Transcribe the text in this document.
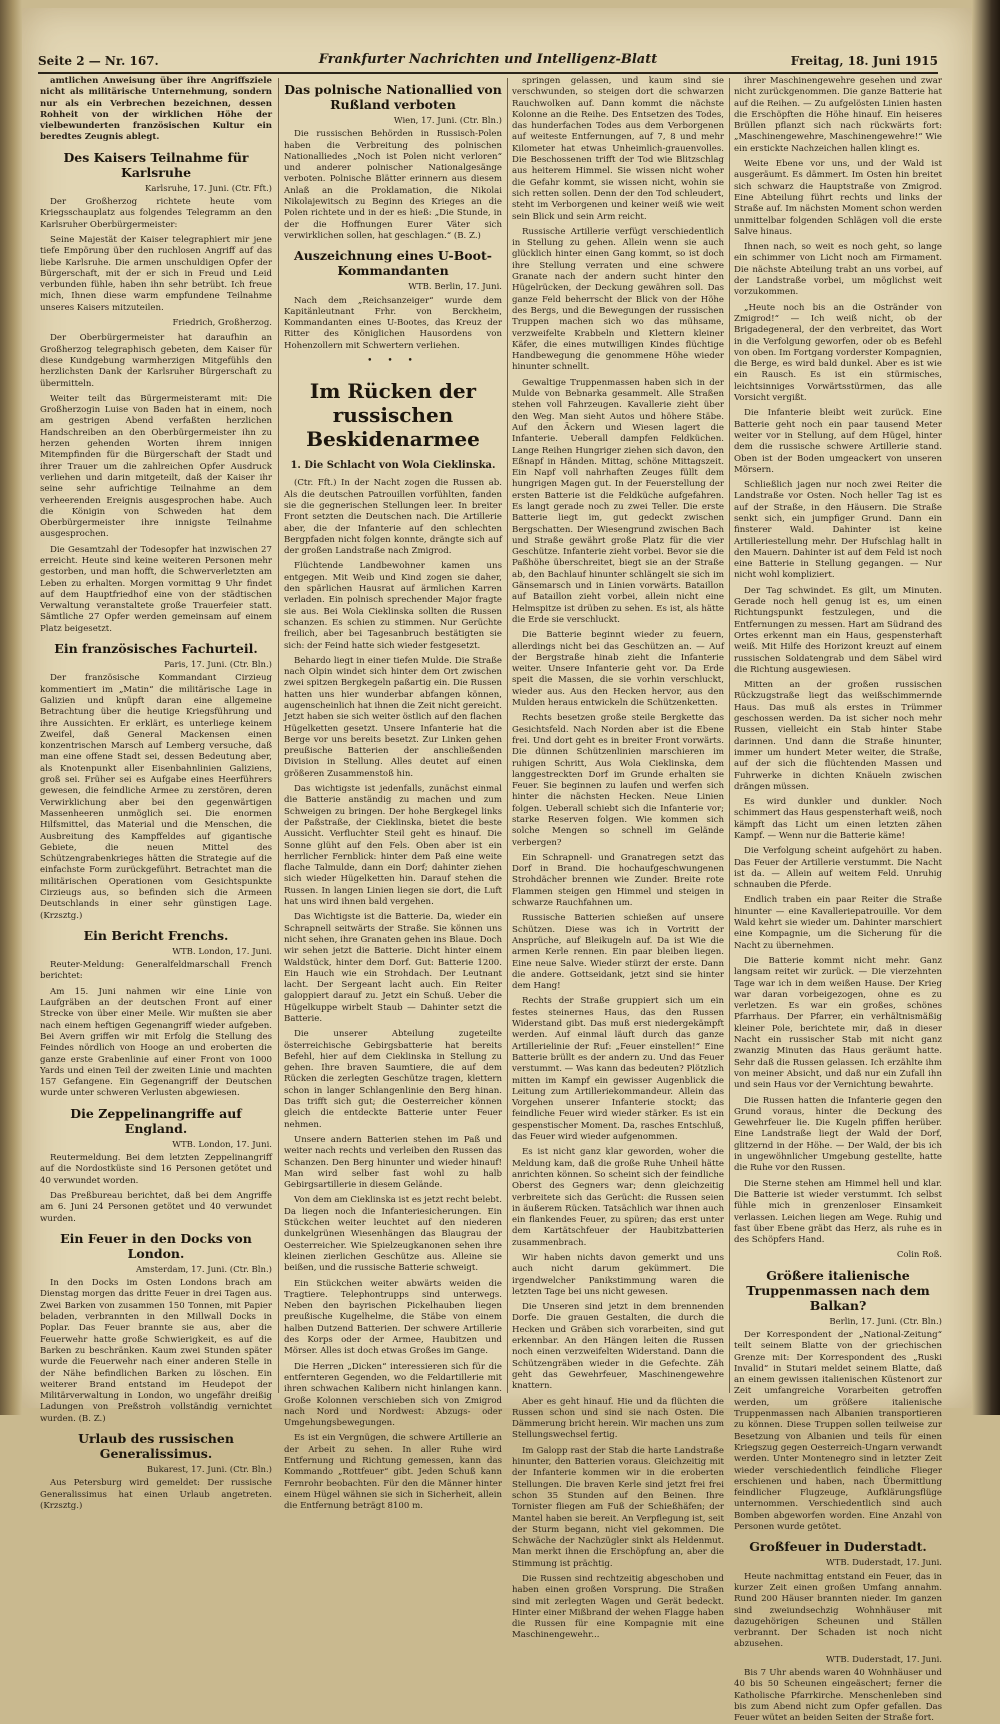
Seite 2 — Nr. 167.	Frankfurter Nachrichten und Intelligenz-Blatt	Freitag, 18. Juni 1915

amtlichen Anweisung über ihre Angriffsziele nicht als militärische Unternehmung, sondern nur als ein Verbrechen bezeichnen, dessen Rohheit von der wirklichen Höhe der vielbewunderten französischen Kultur ein beredtes Zeugnis ablegt.

Des Kaisers Teilnahme für Karlsruhe
Karlsruhe, 17. Juni. (Ctr. Fft.)

Der Großherzog richtete heute vom Kriegsschauplatz aus folgendes Telegramm an den Karlsruher Oberbürgermeister:

Seine Majestät der Kaiser telegraphiert mir jene tiefe Empörung über den ruchlosen Angriff auf das liebe Karlsruhe. Die armen unschuldigen Opfer der Bürgerschaft, mit der er sich in Freud und Leid verbunden fühle, haben ihn sehr betrübt. Ich freue mich, Ihnen diese warm empfundene Teilnahme unseres Kaisers mitzuteilen.

Friedrich, Großherzog.

Der Oberbürgermeister hat daraufhin an Großherzog telegraphisch gebeten, dem Kaiser für diese Kundgebung warmherzigen Mitgefühls den herzlichsten Dank der Karlsruher Bürgerschaft zu übermitteln.

Weiter teilt das Bürgermeisteramt mit: Die Großherzogin Luise von Baden hat in einem, noch am gestrigen Abend verfaßten herzlichen Handschreiben an den Oberbürgermeister ihn zu herzen gehenden Worten ihrem innigen Mitempfinden für die Bürgerschaft der Stadt und ihrer Trauer um die zahlreichen Opfer Ausdruck verliehen und darin mitgeteilt, daß der Kaiser ihr seine sehr aufrichtige Teilnahme an dem verheerenden Ereignis ausgesprochen habe. Auch die Königin von Schweden hat dem Oberbürgermeister ihre innigste Teilnahme ausgesprochen.

Die Gesamtzahl der Todesopfer hat inzwischen 27 erreicht. Heute sind keine weiteren Personen mehr gestorben, und man hofft, die Schwerverletzten am Leben zu erhalten. Morgen vormittag 9 Uhr findet auf dem Hauptfriedhof eine von der städtischen Verwaltung veranstaltete große Trauerfeier statt. Sämtliche 27 Opfer werden gemeinsam auf einem Platz beigesetzt.

Ein französisches Fachurteil.
Paris, 17. Juni. (Ctr. Bln.)

Der französische Kommandant Cirzieug kommentiert im „Matin“ die militärische Lage in Galizien und knüpft daran eine allgemeine Betrachtung über die heutige Kriegsführung und ihre Aussichten. Er erklärt, es unterliege keinem Zweifel, daß General Mackensen einen konzentrischen Marsch auf Lemberg versuche, daß man eine offene Stadt sei, dessen Bedeutung aber, als Knotenpunkt aller Eisenbahnlinien Galiziens, groß sei. Früher sei es Aufgabe eines Heerführers gewesen, die feindliche Armee zu zerstören, deren Verwirklichung aber bei den gegenwärtigen Massenheeren unmöglich sei. Die enormen Hilfsmittel, das Material und die Menschen, die Ausbreitung des Kampffeldes auf gigantische Gebiete, die neuen Mittel des Schützengrabenkrieges hätten die Strategie auf die einfachste Form zurückgeführt. Betrachtet man die militärischen Operationen vom Gesichtspunkte Cirzieugs aus, so befinden sich die Armeen Deutschlands in einer sehr günstigen Lage. (Krzsztg.)

Ein Bericht Frenchs.
WTB. London, 17. Juni.

Reuter-Meldung: Generalfeldmarschall French berichtet:

Am 15. Juni nahmen wir eine Linie von Laufgräben an der deutschen Front auf einer Strecke von über einer Meile. Wir mußten sie aber nach einem heftigen Gegenangriff wieder aufgeben. Bei Avern griffen wir mit Erfolg die Stellung des Feindes nördlich von Hooge an und eroberten die ganze erste Grabenlinie auf einer Front von 1000 Yards und einen Teil der zweiten Linie und machten 157 Gefangene. Ein Gegenangriff der Deutschen wurde unter schweren Verlusten abgewiesen.

Die Zeppelinangriffe auf England.
WTB. London, 17. Juni.

Reutermeldung. Bei dem letzten Zeppelinangriff auf die Nordostküste sind 16 Personen getötet und 40 verwundet worden.

Das Preßbureau berichtet, daß bei dem Angriffe am 6. Juni 24 Personen getötet und 40 verwundet wurden.

Ein Feuer in den Docks von London.
Amsterdam, 17. Juni. (Ctr. Bln.)

In den Docks im Osten Londons brach am Dienstag morgen das dritte Feuer in drei Tagen aus. Zwei Barken von zusammen 150 Tonnen, mit Papier beladen, verbrannten in den Millwall Docks in Poplar. Das Feuer brannte sie aus, aber die Feuerwehr hatte große Schwierigkeit, es auf die Barken zu beschränken. Kaum zwei Stunden später wurde die Feuerwehr nach einer anderen Stelle in der Nähe befindlichen Barken zu löschen. Ein weiterer Brand entstand im Heudepot der Militärverwaltung in London, wo ungefähr dreißig Ladungen von Preßstroh vollständig vernichtet wurden. (B. Z.)

Urlaub des russischen Generalissimus.
Bukarest, 17. Juni. (Ctr. Bln.)

Aus Petersburg wird gemeldet: Der russische Generalissimus hat einen Urlaub angetreten. (Krzsztg.)

Das polnische Nationallied von Rußland verboten
Wien, 17. Juni. (Ctr. Bln.)

Die russischen Behörden in Russisch-Polen haben die Verbreitung des polnischen Nationalliedes „Noch ist Polen nicht verloren“ und anderer polnischer Nationalgesänge verboten. Polnische Blätter erinnern aus diesem Anlaß an die Proklamation, die Nikolai Nikolajewitsch zu Beginn des Krieges an die Polen richtete und in der es hieß: „Die Stunde, in der die Hoffnungen Eurer Väter sich verwirklichen sollen, hat geschlagen.“ (B. Z.)

Auszeichnung eines U-Boot-Kommandanten
WTB. Berlin, 17. Juni.

Nach dem „Reichsanzeiger“ wurde dem Kapitänleutnant Frhr. von Berckheim, Kommandanten eines U-Bootes, das Kreuz der Ritter des Königlichen Hausordens von Hohenzollern mit Schwertern verliehen.

• • •
Im Rücken der russischen Beskidenarmee
1. Die Schlacht von Wola Cieklinska.

(Ctr. Fft.) In der Nacht zogen die Russen ab. Als die deutschen Patrouillen vorfühlten, fanden sie die gegnerischen Stellungen leer. In breiter Front setzten die Deutschen nach. Die Artillerie aber, die der Infanterie auf den schlechten Bergpfaden nicht folgen konnte, drängte sich auf der großen Landstraße nach Zmigrod.

Flüchtende Landbewohner kamen uns entgegen. Mit Weib und Kind zogen sie daher, den spärlichen Hausrat auf ärmlichen Karren verladen. Ein polnisch sprechender Major fragte sie aus. Bei Wola Cieklinska sollten die Russen schanzen. Es schien zu stimmen. Nur Gerüchte freilich, aber bei Tagesanbruch bestätigten sie sich: der Feind hatte sich wieder festgesetzt.

Behardo liegt in einer tiefen Mulde. Die Straße nach Olpin windet sich hinter dem Ort zwischen zwei spitzen Bergkegeln paßartig ein. Die Russen hatten uns hier wunderbar abfangen können, augenscheinlich hat ihnen die Zeit nicht gereicht. Jetzt haben sie sich weiter östlich auf den flachen Hügelketten gesetzt. Unsere Infanterie hat die Berge vor uns bereits besetzt. Zur Linken gehen preußische Batterien der anschließenden Division in Stellung. Alles deutet auf einen größeren Zusammenstoß hin.

Das wichtigste ist jedenfalls, zunächst einmal die Batterie anständig zu machen und zum Schweigen zu bringen. Der hohe Bergkegel links der Paßstraße, der Cieklinska, bietet die beste Aussicht. Verfluchter Steil geht es hinauf. Die Sonne glüht auf den Fels. Oben aber ist ein herrlicher Fernblick: hinter dem Paß eine weite flache Talmulde, dann ein Dorf; dahinter ziehen sich wieder Hügelketten hin. Darauf stehen die Russen. In langen Linien liegen sie dort, die Luft hat uns wird ihnen bald vergehen.

Das Wichtigste ist die Batterie. Da, wieder ein Schrapnell seitwärts der Straße. Sie können uns nicht sehen, ihre Granaten gehen ins Blaue. Doch wir sehen jetzt die Batterie. Dicht hinter einem Waldstück, hinter dem Dorf. Gut: Batterie 1200. Ein Hauch wie ein Strohdach. Der Leutnant lacht. Der Sergeant lacht auch. Ein Reiter galoppiert darauf zu. Jetzt ein Schuß. Ueber die Hügelkuppe wirbelt Staub — Dahinter setzt die Batterie.

Die unserer Abteilung zugeteilte österreichische Gebirgsbatterie hat bereits Befehl, hier auf dem Cieklinska in Stellung zu gehen. Ihre braven Saumtiere, die auf dem Rücken die zerlegten Geschütze tragen, klettern schon in langer Schlangenlinie den Berg hinan. Das trifft sich gut; die Oesterreicher können gleich die entdeckte Batterie unter Feuer nehmen.

Unsere andern Batterien stehen im Paß und weiter nach rechts und verleiben den Russen das Schanzen. Den Berg hinunter und wieder hinauf! Man wird selber fast wohl zu halb Gebirgsartillerie in diesem Gelände.

Von dem am Cieklinska ist es jetzt recht belebt. Da liegen noch die Infanteriesicherungen. Ein Stückchen weiter leuchtet auf den niederen dunkelgrünen Wiesenhängen das Blaugrau der Oesterreicher. Wie Spielzeugkanonen sehen ihre kleinen zierlichen Geschütze aus. Alleine sie beißen, und die russische Batterie schweigt.

Ein Stückchen weiter abwärts weiden die Tragtiere. Telephontrupps sind unterwegs. Neben den bayrischen Pickelhauben liegen preußische Kugelhelme, die Stäbe von einem halben Dutzend Batterien. Der schwere Artillerie des Korps oder der Armee, Haubitzen und Mörser. Alles ist doch etwas Großes im Gange.

Die Herren „Dicken“ interessieren sich für die entfernteren Gegenden, wo die Feldartillerie mit ihren schwachen Kalibern nicht hinlangen kann. Große Kolonnen verschieben sich von Zmigrod nach Nord und Nordwest: Abzugs- oder Umgehungsbewegungen.

Es ist ein Vergnügen, die schwere Artillerie an der Arbeit zu sehen. In aller Ruhe wird Entfernung und Richtung gemessen, kann das Kommando „Rottfeuer“ gibt. Jeden Schuß kann Fernrohr beobachten. Für den die Männer hinter einem Hügel wähnen sie sich in Sicherheit, allein die Entfernung beträgt 8100 m.

springen gelassen, und kaum sind sie verschwunden, so steigen dort die schwarzen Rauchwolken auf. Dann kommt die nächste Kolonne an die Reihe. Des Entsetzen des Todes, das hunderfachen Todes aus dem Verborgenen auf weiteste Entfernungen, auf 7, 8 und mehr Kilometer hat etwas Unheimlich-grauenvolles. Die Beschossenen trifft der Tod wie Blitzschlag aus heiterem Himmel. Sie wissen nicht woher die Gefahr kommt, sie wissen nicht, wohin sie sich retten sollen. Denn der den Tod schleudert, steht im Verborgenen und keiner weiß wie weit sein Blick und sein Arm reicht.

Russische Artillerie verfügt verschiedentlich in Stellung zu gehen. Allein wenn sie auch glücklich hinter einen Gang kommt, so ist doch ihre Stellung verraten und eine schwere Granate nach der andern sucht hinter den Hügelrücken, der Deckung gewähren soll. Das ganze Feld beherrscht der Blick von der Höhe des Bergs, und die Bewegungen der russischen Truppen machen sich wo das mühsame, verzweifelte Krabbeln und Klettern kleiner Käfer, die eines mutwilligen Kindes flüchtige Handbewegung die genommene Höhe wieder hinunter schnellt.

Gewaltige Truppenmassen haben sich in der Mulde von Bebnarka gesammelt. Alle Straßen stehen voll Fahrzeugen. Kavallerie zieht über den Weg. Man sieht Autos und höhere Stäbe. Auf den Äckern und Wiesen lagert die Infanterie. Ueberall dampfen Feldküchen. Lange Reihen Hungriger ziehen sich davon, den Eßnapf in Händen. Mittag, schöne Mittagszeit. Ein Napf voll nahrhaften Zeuges füllt dem hungrigen Magen gut. In der Feuerstellung der ersten Batterie ist die Feldküche aufgefahren. Es langt gerade noch zu zwei Teller. Die erste Batterie liegt im, gut gedeckt zwischen Bergschatten. Der Wiesengrund zwischen Bach und Straße gewährt große Platz für die vier Geschütze. Infanterie zieht vorbei. Bevor sie die Paßhöhe überschreitet, biegt sie an der Straße ab, den Bachlauf hinunter schlängelt sie sich im Gänsemarsch und in Linien vorwärts. Bataillon auf Bataillon zieht vorbei, allein nicht eine Helmspitze ist drüben zu sehen. Es ist, als hätte die Erde sie verschluckt.

Die Batterie beginnt wieder zu feuern, allerdings nicht bei das Geschützen an. — Auf der Bergstraße hinab zieht die Infanterie weiter. Unsere Infanterie geht vor. Da Erde speit die Massen, die sie vorhin verschluckt, wieder aus. Aus den Hecken hervor, aus den Mulden heraus entwickeln die Schützenketten.

Rechts besetzen große steile Bergkette das Gesichtsfeld. Nach Norden aber ist die Ebene frei. Und dort geht es in breiter Front vorwärts. Die dünnen Schützenlinien marschieren im ruhigen Schritt, Aus Wola Cieklinska, dem langgestreckten Dorf im Grunde erhalten sie Feuer. Sie beginnen zu laufen und werfen sich hinter die nächsten Hecken. Neue Linien folgen. Ueberall schiebt sich die Infanterie vor; starke Reserven folgen. Wie kommen sich solche Mengen so schnell im Gelände verbergen?

Ein Schrapnell- und Granatregen setzt das Dorf in Brand. Die hochaufgeschwungenen Strohdächer brennen wie Zunder. Breite rote Flammen steigen gen Himmel und steigen in schwarze Rauchfahnen um.

Russische Batterien schießen auf unsere Schützen. Diese was ich in Vortritt der Ansprüche, auf Bleikugeln auf. Da ist Wie die armen Kerle rennen. Ein paar bleiben liegen. Eine neue Salve. Wieder stürzt der erste. Dann die andere. Gottseidank, jetzt sind sie hinter dem Hang!

Rechts der Straße gruppiert sich um ein festes steinernes Haus, das den Russen Widerstand gibt. Das muß erst niedergekämpft werden. Auf einmal läuft durch das ganze Artillerielinie der Ruf: „Feuer einstellen!“ Eine Batterie brüllt es der andern zu. Und das Feuer verstummt. — Was kann das bedeuten? Plötzlich mitten im Kampf ein gewisser Augenblick die Leitung zum Artilleriekommandeur. Allein das Vorgehen unserer Infanterie stockt; das feindliche Feuer wird wieder stärker. Es ist ein gespenstischer Moment. Da, rasches Entschluß, das Feuer wird wieder aufgenommen.

Es ist nicht ganz klar geworden, woher die Meldung kam, daß die große Ruhe Unheil hätte anrichten können. So scheint sich der feindliche Oberst des Gegners war; denn gleichzeitig verbreitete sich das Gerücht: die Russen seien in äußerem Rücken. Tatsächlich war ihnen auch ein flankendes Feuer, zu spüren; das erst unter dem Kartätschfeuer der Haubitzbatterien zusammenbrach.

Wir haben nichts davon gemerkt und uns auch nicht darum gekümmert. Die irgendwelcher Panikstimmung waren die letzten Tage bei uns nicht gewesen.

Die Unseren sind jetzt in dem brennenden Dorfe. Die grauen Gestalten, die durch die Hecken und Gräben sich vorarbeiten, sind gut erkennbar. An den Hängen leiten die Russen noch einen verzweifelten Widerstand. Dann die Schützengräben wieder in die Gefechte. Zäh geht das Gewehrfeuer, Maschinengewehre knattern.

Aber es geht hinauf. Hie und da flüchten die Russen schon und sind sie nach Osten. Die Dämmerung bricht herein. Wir machen uns zum Stellungswechsel fertig.

Im Galopp rast der Stab die harte Landstraße hinunter, den Batterien voraus. Gleichzeitig mit der Infanterie kommen wir in die eroberten Stellungen. Die braven Kerle sind jetzt frei frei schon 35 Stunden auf den Beinen. Ihre Tornister fliegen am Fuß der Schießhäfen; der Mantel haben sie bereit. An Verpflegung ist, seit der Sturm begann, nicht viel gekommen. Die Schwäche der Nachzügler sinkt als Heldenmut. Man merkt ihnen die Erschöpfung an, aber die Stimmung ist prächtig.

Die Russen sind rechtzeitig abgeschoben und haben einen großen Vorsprung. Die Straßen sind mit zerlegten Wagen und Gerät bedeckt. Hinter einer Mißbrand der wehen Flagge haben die Russen für eine Kompagnie mit eine Maschinengewehr...

ihrer Maschinengewehre gesehen und zwar nicht zurückgenommen. Die ganze Batterie hat auf die Reihen. — Zu aufgelösten Linien hasten die Erschöpften die Höhe hinauf. Ein heiseres Brüllen pflanzt sich nach rückwärts fort: „Maschinengewehre, Maschinengewehre!“ Wie ein erstickte Nachzeichen hallen klingt es.

Weite Ebene vor uns, und der Wald ist ausgeräumt. Es dämmert. Im Osten hin breitet sich schwarz die Hauptstraße von Zmigrod. Eine Abteilung führt rechts und links der Straße auf. Im nächsten Moment schon werden unmittelbar folgenden Schlägen voll die erste Salve hinaus.

Ihnen nach, so weit es noch geht, so lange ein schimmer von Licht noch am Firmament. Die nächste Abteilung trabt an uns vorbei, auf der Landstraße vorbei, um möglichst weit vorzukommen.

„Heute noch bis an die Ostränder von Zmigrod!“ — Ich weiß nicht, ob der Brigadegeneral, der den verbreitet, das Wort in die Verfolgung geworfen, oder ob es Befehl von oben. Im Fortgang vorderster Kompagnien, die Berge, es wird bald dunkel. Aber es ist wie ein Rausch. Es ist ein stürmisches, leichtsinniges Vorwärtsstürmen, das alle Vorsicht vergißt.

Die Infanterie bleibt weit zurück. Eine Batterie geht noch ein paar tausend Meter weiter vor in Stellung, auf dem Hügel, hinter dem die russische schwere Artillerie stand. Oben ist der Boden umgeackert von unseren Mörsern.

Schließlich jagen nur noch zwei Reiter die Landstraße vor Osten. Noch heller Tag ist es auf der Straße, in den Häusern. Die Straße senkt sich, ein jumpfiger Grund. Dann ein finsterer Wald. Dahinter ist keine Artilleriestellung mehr. Der Hufschlag hallt in den Mauern. Dahinter ist auf dem Feld ist noch eine Batterie in Stellung gegangen. — Nur nicht wohl kompliziert.

Der Tag schwindet. Es gilt, um Minuten. Gerade noch hell genug ist es, um einen Richtungspunkt festzulegen, und die Entfernungen zu messen. Hart am Südrand des Ortes erkennt man ein Haus, gespensterhaft weiß. Mit Hilfe des Horizont kreuzt auf einem russischen Soldatengrab und dem Säbel wird die Richtung ausgewiesen.

Mitten an der großen russischen Rückzugstraße liegt das weißschimmernde Haus. Das muß als erstes in Trümmer geschossen werden. Da ist sicher noch mehr Russen, vielleicht ein Stab hinter Stabe darinnen. Und dann die Straße hinunter, immer um hundert Meter weiter, die Straße, auf der sich die flüchtenden Massen und Fuhrwerke in dichten Knäueln zwischen drängen müssen.

Es wird dunkler und dunkler. Noch schimmert das Haus gespensterhaft weiß, noch kämpft das Licht um einen letzten zähen Kampf. — Wenn nur die Batterie käme!

Die Verfolgung scheint aufgehört zu haben. Das Feuer der Artillerie verstummt. Die Nacht ist da. — Allein auf weitem Feld. Unruhig schnauben die Pferde.

Endlich traben ein paar Reiter die Straße hinunter — eine Kavalleriepatrouille. Vor dem Wald kehrt sie wieder um. Dahinter marschiert eine Kompagnie, um die Sicherung für die Nacht zu übernehmen.

Die Batterie kommt nicht mehr. Ganz langsam reitet wir zurück. — Die vierzehnten Tage war ich in dem weißen Hause. Der Krieg war daran vorbeigezogen, ohne es zu verletzen. Es war ein großes, schönes Pfarrhaus. Der Pfarrer, ein verhältnismäßig kleiner Pole, berichtete mir, daß in dieser Nacht ein russischer Stab mit nicht ganz zwanzig Minuten das Haus geräumt hatte. Sehr daß die Russen gelassen. Ich erzählte ihm von meiner Absicht, und daß nur ein Zufall ihn und sein Haus vor der Vernichtung bewahrte.

Die Russen hatten die Infanterie gegen den Grund voraus, hinter die Deckung des Gewehrfeuer lie. Die Kugeln pfiffen herüber. Eine Landstraße liegt der Wald der Dorf, glitzernd in der Höhe. — Der Wald, der bis ich in ungewöhnlicher Umgebung gestellte, hatte die Ruhe vor den Russen.

Die Sterne stehen am Himmel hell und klar. Die Batterie ist wieder verstummt. Ich selbst fühle mich in grenzenloser Einsamkeit verlassen. Leichen liegen am Wege. Ruhig und fast über Ebene gräbt das Herz, als ruhe es in des Schöpfers Hand.

Colin Roß.
Größere italienische Truppenmassen nach dem Balkan?
Berlin, 17. Juni. (Ctr. Bln.)

Der Korrespondent der „National-Zeitung“ teilt seinem Blatte von der griechischen Grenze mit: Der Korrespondent des „Ruski Invalid“ in Stutari meldet seinem Blatte, daß an einem gewissen italienischen Küstenort zur Zeit umfangreiche Vorarbeiten getroffen werden, um größere italienische Truppenmassen nach Albanien transportieren zu können. Diese Truppen sollen teilweise zur Besetzung von Albanien und teils für einen Kriegszug gegen Oesterreich-Ungarn verwandt werden. Unter Montenegro sind in letzter Zeit wieder verschiedentlich feindliche Flieger erschienen und haben, nach Übermittlung feindlicher Flugzeuge, Aufklärungsflüge unternommen. Verschiedentlich sind auch Bomben abgeworfen worden. Eine Anzahl von Personen wurde getötet.

Großfeuer in Duderstadt.
WTB. Duderstadt, 17. Juni.

Heute nachmittag entstand ein Feuer, das in kurzer Zeit einen großen Umfang annahm. Rund 200 Häuser brannten nieder. Im ganzen sind zweiundsechzig Wohnhäuser mit dazugehörigen Scheunen und Ställen verbrannt. Der Schaden ist noch nicht abzusehen.

WTB. Duderstadt, 17. Juni.

Bis 7 Uhr abends waren 40 Wohnhäuser und 40 bis 50 Scheunen eingeäschert; ferner die Katholische Pfarrkirche. Menschenleben sind bis zum Abend nicht zum Opfer gefallen. Das Feuer wütet an beiden Seiten der Straße fort.
